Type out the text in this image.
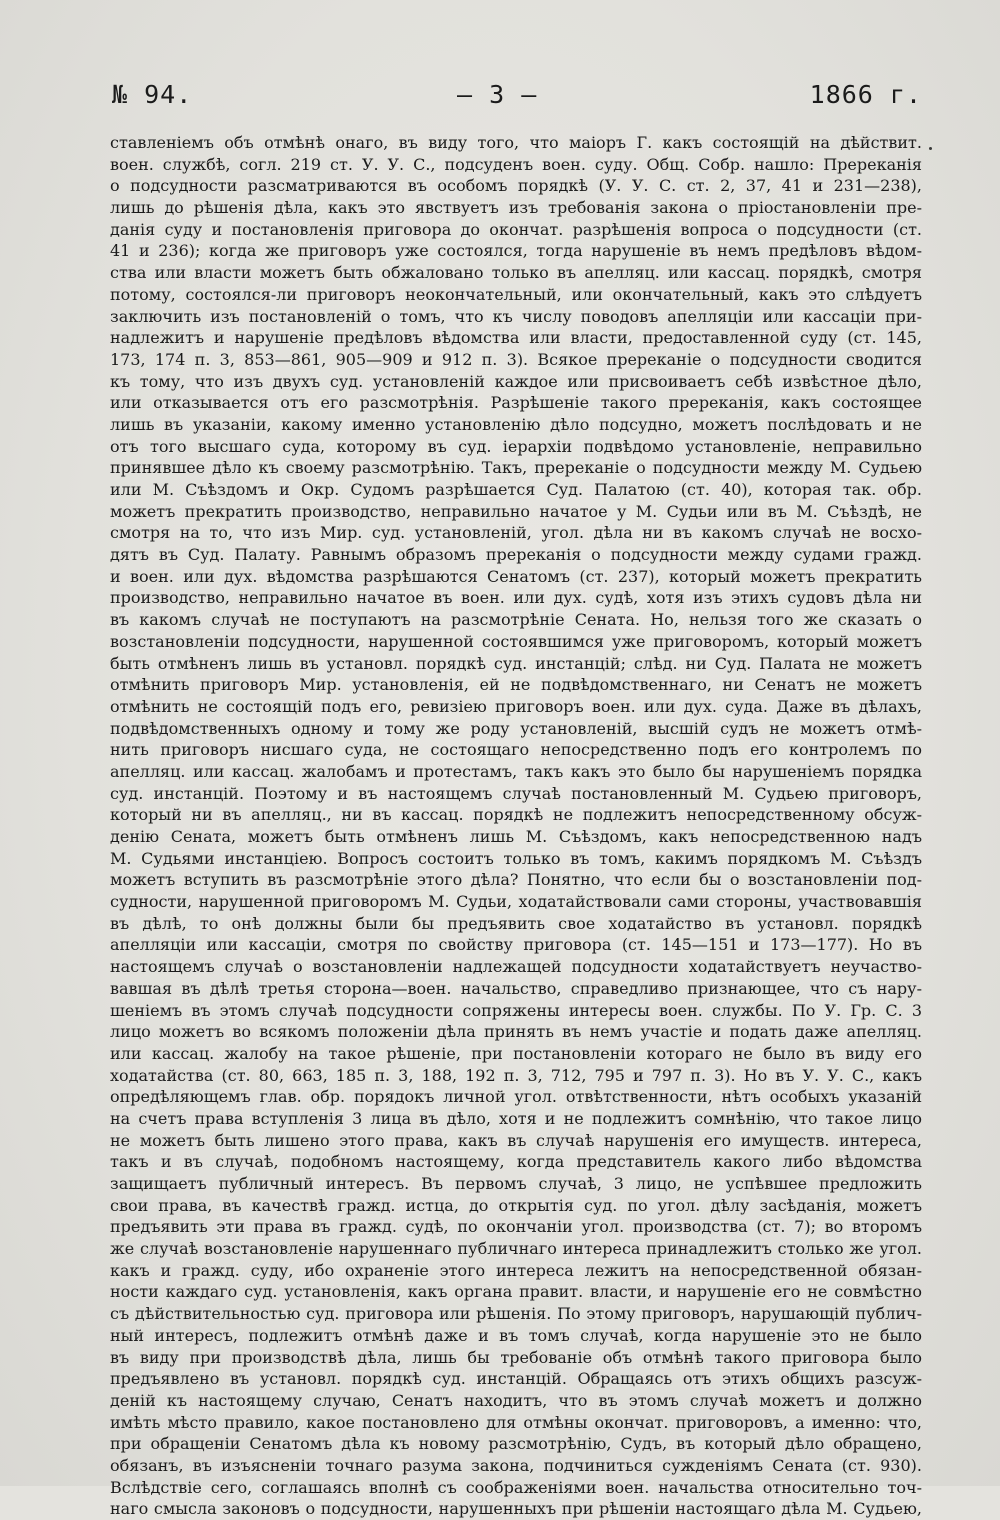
№ 94.	— 3 —	1866 г.
ставленіемъ объ отмѣнѣ онаго, въ виду того, что маіоръ Г. какъ состоящій на дѣйствит.
воен. службѣ, согл. 219 ст. У. У. С., подсуденъ воен. суду. Общ. Собр. нашло: Пререканія
о подсудности разсматриваются въ особомъ порядкѣ (У. У. С. ст. 2, 37, 41 и 231—238),
лишь до рѣшенія дѣла, какъ это явствуетъ изъ требованія закона о пріостановленіи пре-
данія суду и постановленія приговора до окончат. разрѣшенія вопроса о подсудности (ст.
41 и 236); когда же приговоръ уже состоялся, тогда нарушеніе въ немъ предѣловъ вѣдом-
ства или власти можетъ быть обжаловано только въ апелляц. или кассац. порядкѣ, смотря
потому, состоялся-ли приговоръ неокончательный, или окончательный, какъ это слѣдуетъ
заключить изъ постановленій о томъ, что къ числу поводовъ апелляціи или кассаціи при-
надлежитъ и нарушеніе предѣловъ вѣдомства или власти, предоставленной суду (ст. 145,
173, 174 п. 3, 853—861, 905—909 и 912 п. 3). Всякое пререканіе о подсудности сводится
къ тому, что изъ двухъ суд. установленій каждое или присвоиваетъ себѣ извѣстное дѣло,
или отказывается отъ его разсмотрѣнія. Разрѣшеніе такого пререканія, какъ состоящее
лишь въ указаніи, какому именно установленію дѣло подсудно, можетъ послѣдовать и не
отъ того высшаго суда, которому въ суд. іерархіи подвѣдомо установленіе, неправильно
принявшее дѣло къ своему разсмотрѣнію. Такъ, пререканіе о подсудности между М. Судьею
или М. Съѣздомъ и Окр. Судомъ разрѣшается Суд. Палатою (ст. 40), которая так. обр.
можетъ прекратить производство, неправильно начатое у М. Судьи или въ М. Съѣздѣ, не
смотря на то, что изъ Мир. суд. установленій, угол. дѣла ни въ какомъ случаѣ не восхо-
дятъ въ Суд. Палату. Равнымъ образомъ пререканія о подсудности между судами гражд.
и воен. или дух. вѣдомства разрѣшаются Сенатомъ (ст. 237), который можетъ прекратить
производство, неправильно начатое въ воен. или дух. судѣ, хотя изъ этихъ судовъ дѣла ни
въ какомъ случаѣ не поступаютъ на разсмотрѣніе Сената. Но, нельзя того же сказать о
возстановленіи подсудности, нарушенной состоявшимся уже приговоромъ, который можетъ
быть отмѣненъ лишь въ установл. порядкѣ суд. инстанцій; слѣд. ни Суд. Палата не можетъ
отмѣнить приговоръ Мир. установленія, ей не подвѣдомственнаго, ни Сенатъ не можетъ
отмѣнить не состоящій подъ его, ревизіею приговоръ воен. или дух. суда. Даже въ дѣлахъ,
подвѣдомственныхъ одному и тому же роду установленій, высшій судъ не можетъ отмѣ-
нить приговоръ нисшаго суда, не состоящаго непосредственно подъ его контролемъ по
апелляц. или кассац. жалобамъ и протестамъ, такъ какъ это было бы нарушеніемъ порядка
суд. инстанцій. Поэтому и въ настоящемъ случаѣ постановленный М. Судьею приговоръ,
который ни въ апелляц., ни въ кассац. порядкѣ не подлежитъ непосредственному обсуж-
денію Сената, можетъ быть отмѣненъ лишь М. Съѣздомъ, какъ непосредственною надъ
М. Судьями инстанціею. Вопросъ состоитъ только въ томъ, какимъ порядкомъ М. Съѣздъ
можетъ вступить въ разсмотрѣніе этого дѣла? Понятно, что если бы о возстановленіи под-
судности, нарушенной приговоромъ М. Судьи, ходатайствовали сами стороны, участвовавшія
въ дѣлѣ, то онѣ должны были бы предъявить свое ходатайство въ установл. порядкѣ
апелляціи или кассаціи, смотря по свойству приговора (ст. 145—151 и 173—177). Но въ
настоящемъ случаѣ о возстановленіи надлежащей подсудности ходатайствуетъ неучаство-
вавшая въ дѣлѣ третья сторона—воен. начальство, справедливо признающее, что съ нару-
шеніемъ въ этомъ случаѣ подсудности сопряжены интересы воен. службы. По У. Гр. С. 3
лицо можетъ во всякомъ положеніи дѣла принять въ немъ участіе и подать даже апелляц.
или кассац. жалобу на такое рѣшеніе, при постановленіи котораго не было въ виду его
ходатайства (ст. 80, 663, 185 п. 3, 188, 192 п. 3, 712, 795 и 797 п. 3). Но въ У. У. С., какъ
опредѣляющемъ глав. обр. порядокъ личной угол. отвѣтственности, нѣтъ особыхъ указаній
на счетъ права вступленія 3 лица въ дѣло, хотя и не подлежитъ сомнѣнію, что такое лицо
не можетъ быть лишено этого права, какъ въ случаѣ нарушенія его имуществ. интереса,
такъ и въ случаѣ, подобномъ настоящему, когда представитель какого либо вѣдомства
защищаетъ публичный интересъ. Въ первомъ случаѣ, 3 лицо, не успѣвшее предложить
свои права, въ качествѣ гражд. истца, до открытія суд. по угол. дѣлу засѣданія, можетъ
предъявить эти права въ гражд. судѣ, по окончаніи угол. производства (ст. 7); во второмъ
же случаѣ возстановленіе нарушеннаго публичнаго интереса принадлежитъ столько же угол.
какъ и гражд. суду, ибо охраненіе этого интереса лежитъ на непосредственной обязан-
ности каждаго суд. установленія, какъ органа правит. власти, и нарушеніе его не совмѣстно
съ дѣйствительностью суд. приговора или рѣшенія. По этому приговоръ, нарушающій публич-
ный интересъ, подлежитъ отмѣнѣ даже и въ томъ случаѣ, когда нарушеніе это не было
въ виду при производствѣ дѣла, лишь бы требованіе объ отмѣнѣ такого приговора было
предъявлено въ установл. порядкѣ суд. инстанцій. Обращаясь отъ этихъ общихъ разсуж-
деній къ настоящему случаю, Сенатъ находитъ, что въ этомъ случаѣ можетъ и должно
имѣть мѣсто правило, какое постановлено для отмѣны окончат. приговоровъ, а именно: что,
при обращеніи Сенатомъ дѣла къ новому разсмотрѣнію, Судъ, въ который дѣло обращено,
обязанъ, въ изъясненіи точнаго разума закона, подчиниться сужденіямъ Сената (ст. 930).
Вслѣдствіе сего, соглашаясь вполнѣ съ соображеніями воен. начальства относительно точ-
наго смысла законовъ о подсудности, нарушенныхъ при рѣшеніи настоящаго дѣла М. Судьею,
